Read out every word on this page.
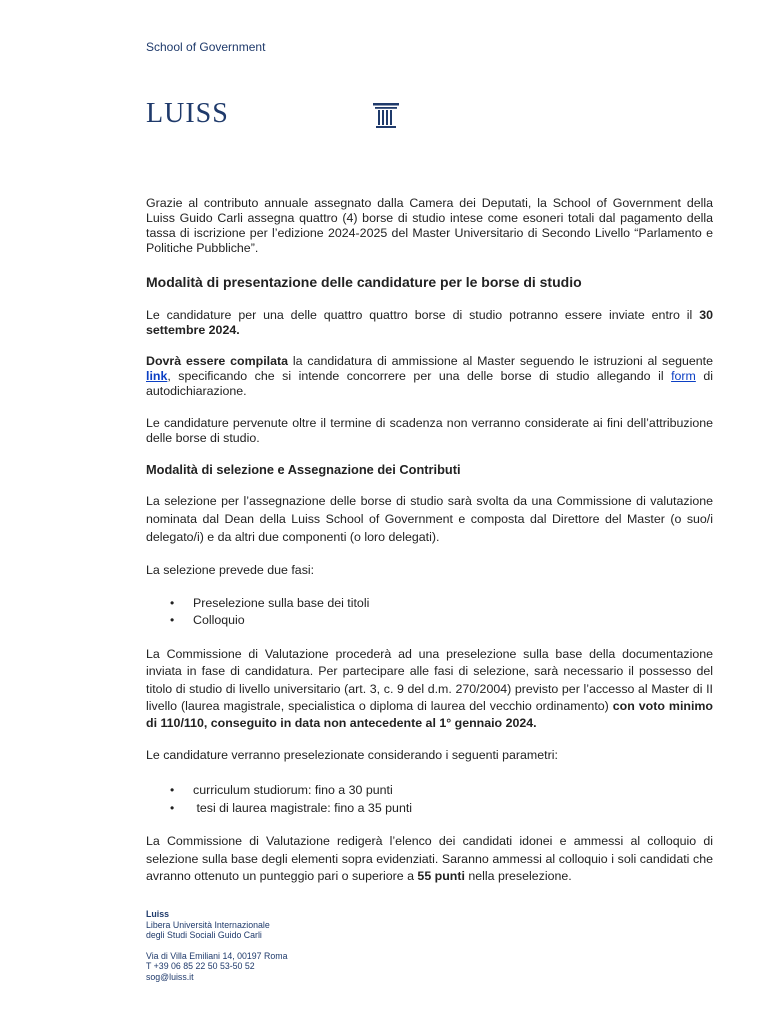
School of Government
LUISS

Grazie al contributo annuale assegnato dalla Camera dei Deputati, la School of Government della Luiss Guido Carli assegna quattro (4) borse di studio intese come esoneri totali dal pagamento della tassa di iscrizione per l’edizione 2024-2025 del Master Universitario di Secondo Livello “Parlamento e Politiche Pubbliche”.

Modalità di presentazione delle candidature per le borse di studio

Le candidature per una delle quattro quattro borse di studio potranno essere inviate entro il 30 settembre 2024.

Dovrà essere compilata la candidatura di ammissione al Master seguendo le istruzioni al seguente link, specificando che si intende concorrere per una delle borse di studio allegando il form di autodichiarazione.

Le candidature pervenute oltre il termine di scadenza non verranno considerate ai fini dell’attribuzione delle borse di studio.

Modalità di selezione e Assegnazione dei Contributi

La selezione per l’assegnazione delle borse di studio sarà svolta da una Commissione di valutazione nominata dal Dean della Luiss School of Government e composta dal Direttore del Master (o suo/i delegato/i) e da altri due componenti (o loro delegati).

La selezione prevede due fasi:

• Preselezione sulla base dei titoli
• Colloquio

La Commissione di Valutazione procederà ad una preselezione sulla base della documentazione inviata in fase di candidatura. Per partecipare alle fasi di selezione, sarà necessario il possesso del titolo di studio di livello universitario (art. 3, c. 9 del d.m. 270/2004) previsto per l’accesso al Master di II livello (laurea magistrale, specialistica o diploma di laurea del vecchio ordinamento) con voto minimo di 110/110, conseguito in data non antecedente al 1° gennaio 2024.

Le candidature verranno preselezionate considerando i seguenti parametri:

• curriculum studiorum: fino a 30 punti
•  tesi di laurea magistrale: fino a 35 punti

La Commissione di Valutazione redigerà l’elenco dei candidati idonei e ammessi al colloquio di selezione sulla base degli elementi sopra evidenziati. Saranno ammessi al colloquio i soli candidati che avranno ottenuto un punteggio pari o superiore a 55 punti nella preselezione.

Luiss
Libera Università Internazionale
degli Studi Sociali Guido Carli
Via di Villa Emiliani 14, 00197 Roma
T +39 06 85 22 50 53-50 52
sog@luiss.it
